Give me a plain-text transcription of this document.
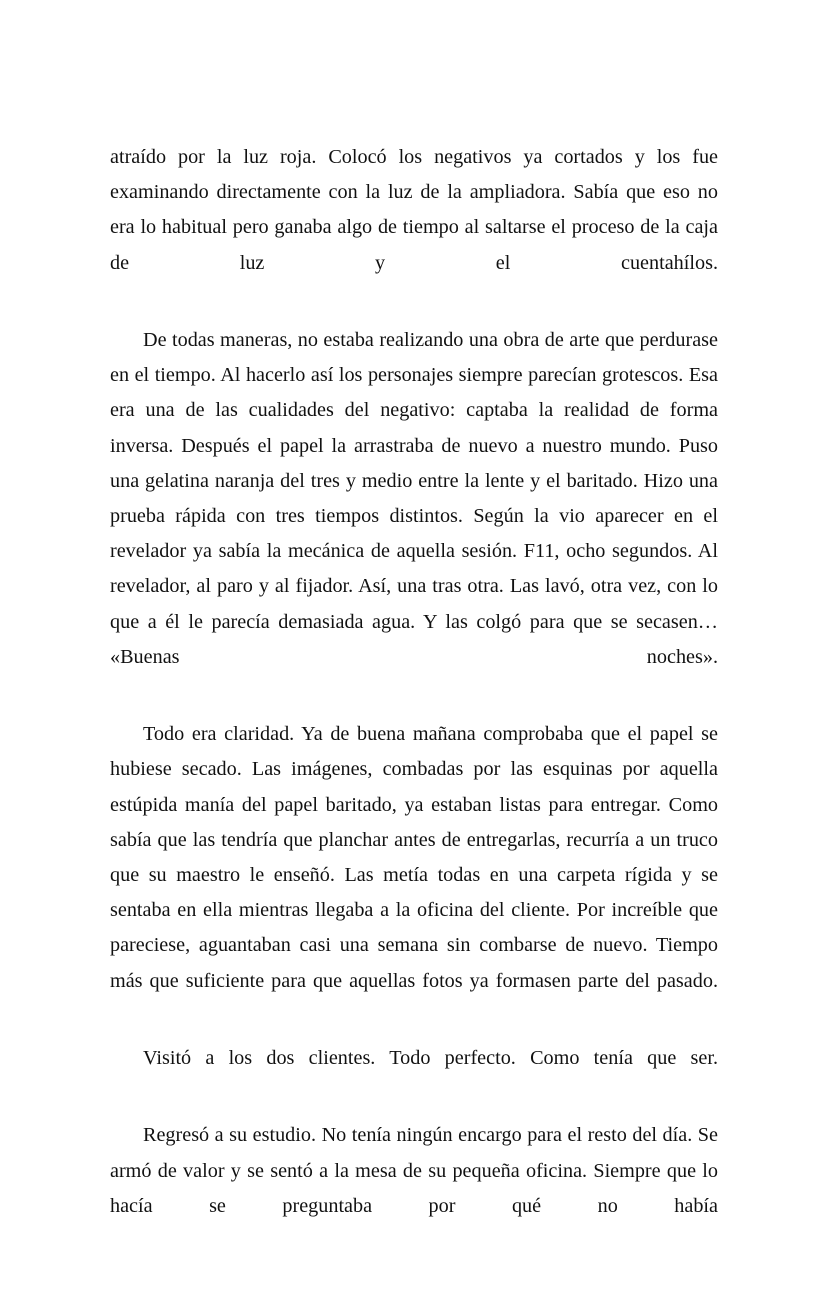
atraído por la luz roja. Colocó los negativos ya cortados y los fue examinando directamente con la luz de la ampliadora. Sabía que eso no era lo habitual pero ganaba algo de tiempo al saltarse el proceso de la caja de luz y el cuentahílos.

De todas maneras, no estaba realizando una obra de arte que perdurase en el tiempo. Al hacerlo así los personajes siempre parecían grotescos. Esa era una de las cualidades del negativo: captaba la realidad de forma inversa. Después el papel la arrastraba de nuevo a nuestro mundo. Puso una gelatina naranja del tres y medio entre la lente y el baritado. Hizo una prueba rápida con tres tiempos distintos. Según la vio aparecer en el revelador ya sabía la mecánica de aquella sesión. F11, ocho segundos. Al revelador, al paro y al fijador. Así, una tras otra. Las lavó, otra vez, con lo que a él le parecía demasiada agua. Y las colgó para que se secasen… «Buenas noches».

Todo era claridad. Ya de buena mañana comprobaba que el papel se hubiese secado. Las imágenes, combadas por las esquinas por aquella estúpida manía del papel baritado, ya estaban listas para entregar. Como sabía que las tendría que planchar antes de entregarlas, recurría a un truco que su maestro le enseñó. Las metía todas en una carpeta rígida y se sentaba en ella mientras llegaba a la oficina del cliente. Por increíble que pareciese, aguantaban casi una semana sin combarse de nuevo. Tiempo más que suficiente para que aquellas fotos ya formasen parte del pasado.

Visitó a los dos clientes. Todo perfecto. Como tenía que ser.

Regresó a su estudio. No tenía ningún encargo para el resto del día. Se armó de valor y se sentó a la mesa de su pequeña oficina. Siempre que lo hacía se preguntaba por qué no había
